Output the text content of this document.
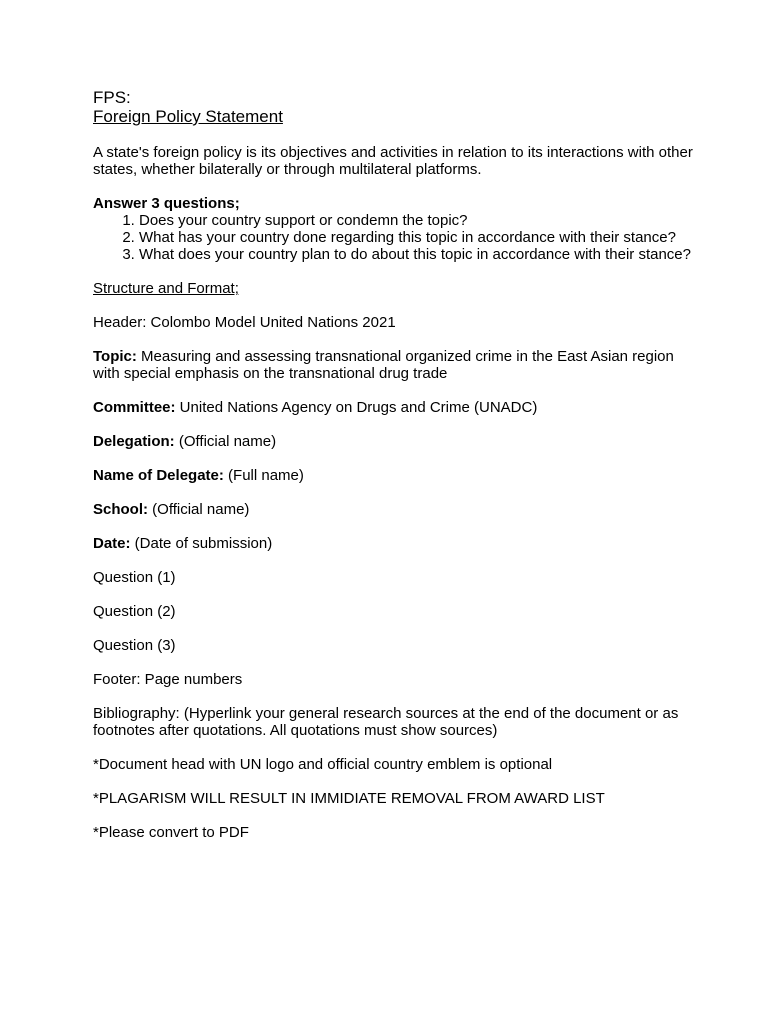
FPS:
Foreign Policy Statement

A state's foreign policy is its objectives and activities in relation to its interactions with other states, whether bilaterally or through multilateral platforms.

Answer 3 questions;
1. Does your country support or condemn the topic?
2. What has your country done regarding this topic in accordance with their stance?
3. What does your country plan to do about this topic in accordance with their stance?
Structure and Format;
Header: Colombo Model United Nations 2021

Topic: Measuring and assessing transnational organized crime in the East Asian region with special emphasis on the transnational drug trade

Committee: United Nations Agency on Drugs and Crime (UNADC)
Delegation: (Official name)
Name of Delegate: (Full name)
School: (Official name)
Date: (Date of submission)
Question (1)
Question (2)
Question (3)
Footer: Page numbers

Bibliography: (Hyperlink your general research sources at the end of the document or as footnotes after quotations. All quotations must show sources)

*Document head with UN logo and official country emblem is optional
*PLAGARISM WILL RESULT IN IMMIDIATE REMOVAL FROM AWARD LIST
*Please convert to PDF
